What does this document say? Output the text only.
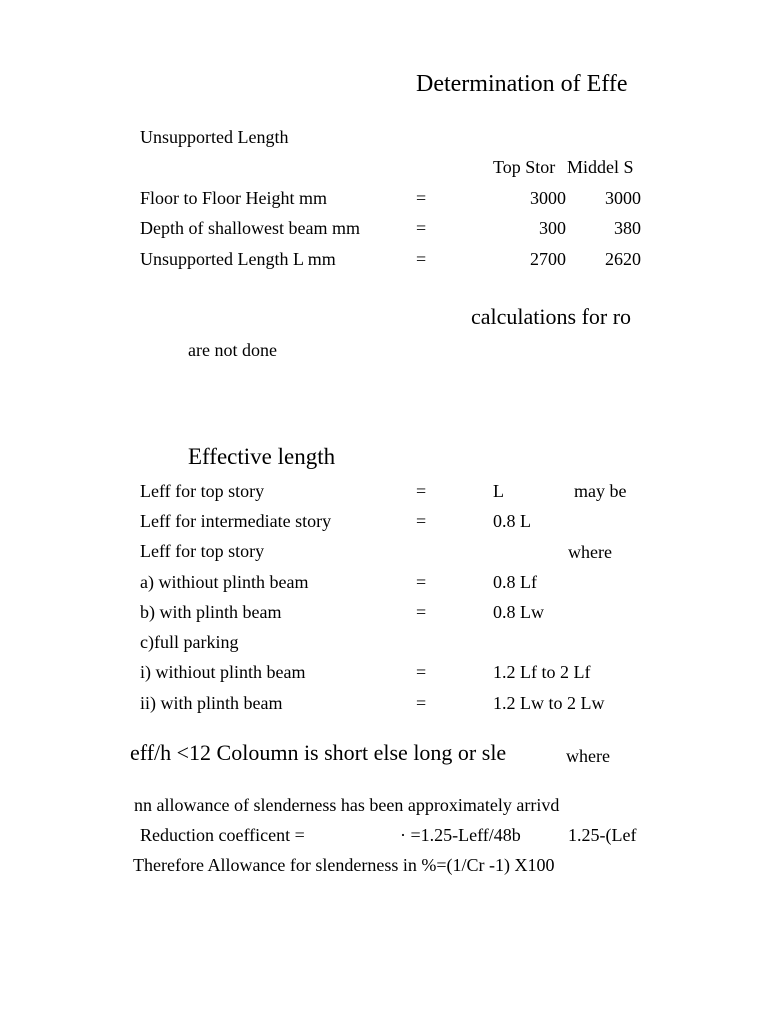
Determination of Effe
Unsupported Length
Top Stor Middel S
Floor to Floor Height mm	=	3000	3000
Depth of shallowest beam mm	=	300	380
Unsupported Length L mm	=	2700	2620
calculations for ro
are not done
Effective length
Leff for top story	=	L	may be
Leff for intermediate story	=	0.8 L
Leff for top story	where
a) withiout plinth beam	=	0.8 Lf
b) with plinth beam	=	0.8 Lw
c)full parking
i) withiout plinth beam	=	1.2 Lf to 2 Lf
ii) with plinth beam	=	1.2 Lw to 2 Lw
eff/h <12 Coloumn is short else long or sle	where
nn allowance of slenderness has been approximately arrivd
Reduction coefficent =	· =1.25-Leff/48b	1.25-(Lef
Therefore Allowance for slenderness in %=(1/Cr -1) X100
